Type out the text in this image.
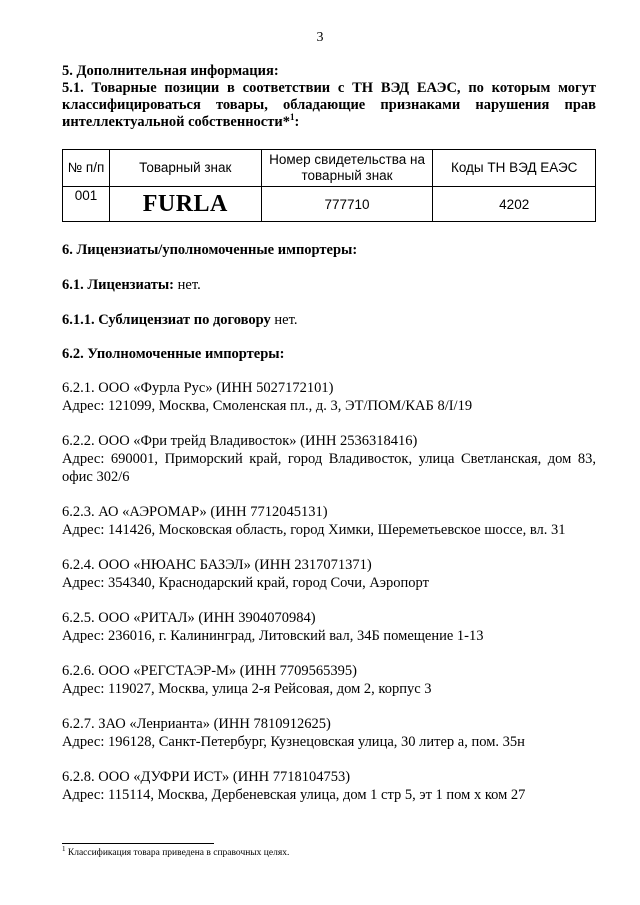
3
5. Дополнительная информация:
5.1. Товарные позиции в соответствии с ТН ВЭД ЕАЭС, по которым могут классифицироваться товары, обладающие признаками нарушения прав интеллектуальной собственности*$^1$:
№ п/п	Товарный знак	Номер свидетельства на товарный знак	Коды ТН ВЭД ЕАЭС
001	FURLA	777710	4202
6. Лицензиаты/уполномоченные импортеры:
6.1. Лицензиаты: нет.
6.1.1. Сублицензиат по договору нет.
6.2. Уполномоченные импортеры:
6.2.1. ООО «Фурла Рус» (ИНН 5027172101)
Адрес: 121099, Москва, Смоленская пл., д. 3, ЭТ/ПОМ/КАБ 8/I/19
6.2.2. ООО «Фри трейд Владивосток» (ИНН 2536318416)
Адрес: 690001, Приморский край, город Владивосток, улица Светланская, дом 83, офис 302/6
6.2.3. АО «АЭРОМАР» (ИНН 7712045131)
Адрес: 141426, Московская область, город Химки, Шереметьевское шоссе, вл. 31
6.2.4. ООО «НЮАНС БАЗЭЛ» (ИНН 2317071371)
Адрес: 354340, Краснодарский край, город Сочи, Аэропорт
6.2.5. ООО «РИТАЛ» (ИНН 3904070984)
Адрес: 236016, г. Калининград, Литовский вал, 34Б помещение 1-13
6.2.6. ООО «РЕГСТАЭР-М» (ИНН 7709565395)
Адрес: 119027, Москва, улица 2-я Рейсовая, дом 2, корпус 3
6.2.7. ЗАО «Ленрианта» (ИНН 7810912625)
Адрес: 196128, Санкт-Петербург, Кузнецовская улица, 30 литер а, пом. 35н
6.2.8. ООО «ДУФРИ ИСТ» (ИНН 7718104753)
Адрес: 115114, Москва, Дербеневская улица, дом 1 стр 5, эт 1 пом х ком 27
$^1$ Классификация товара приведена в справочных целях.
